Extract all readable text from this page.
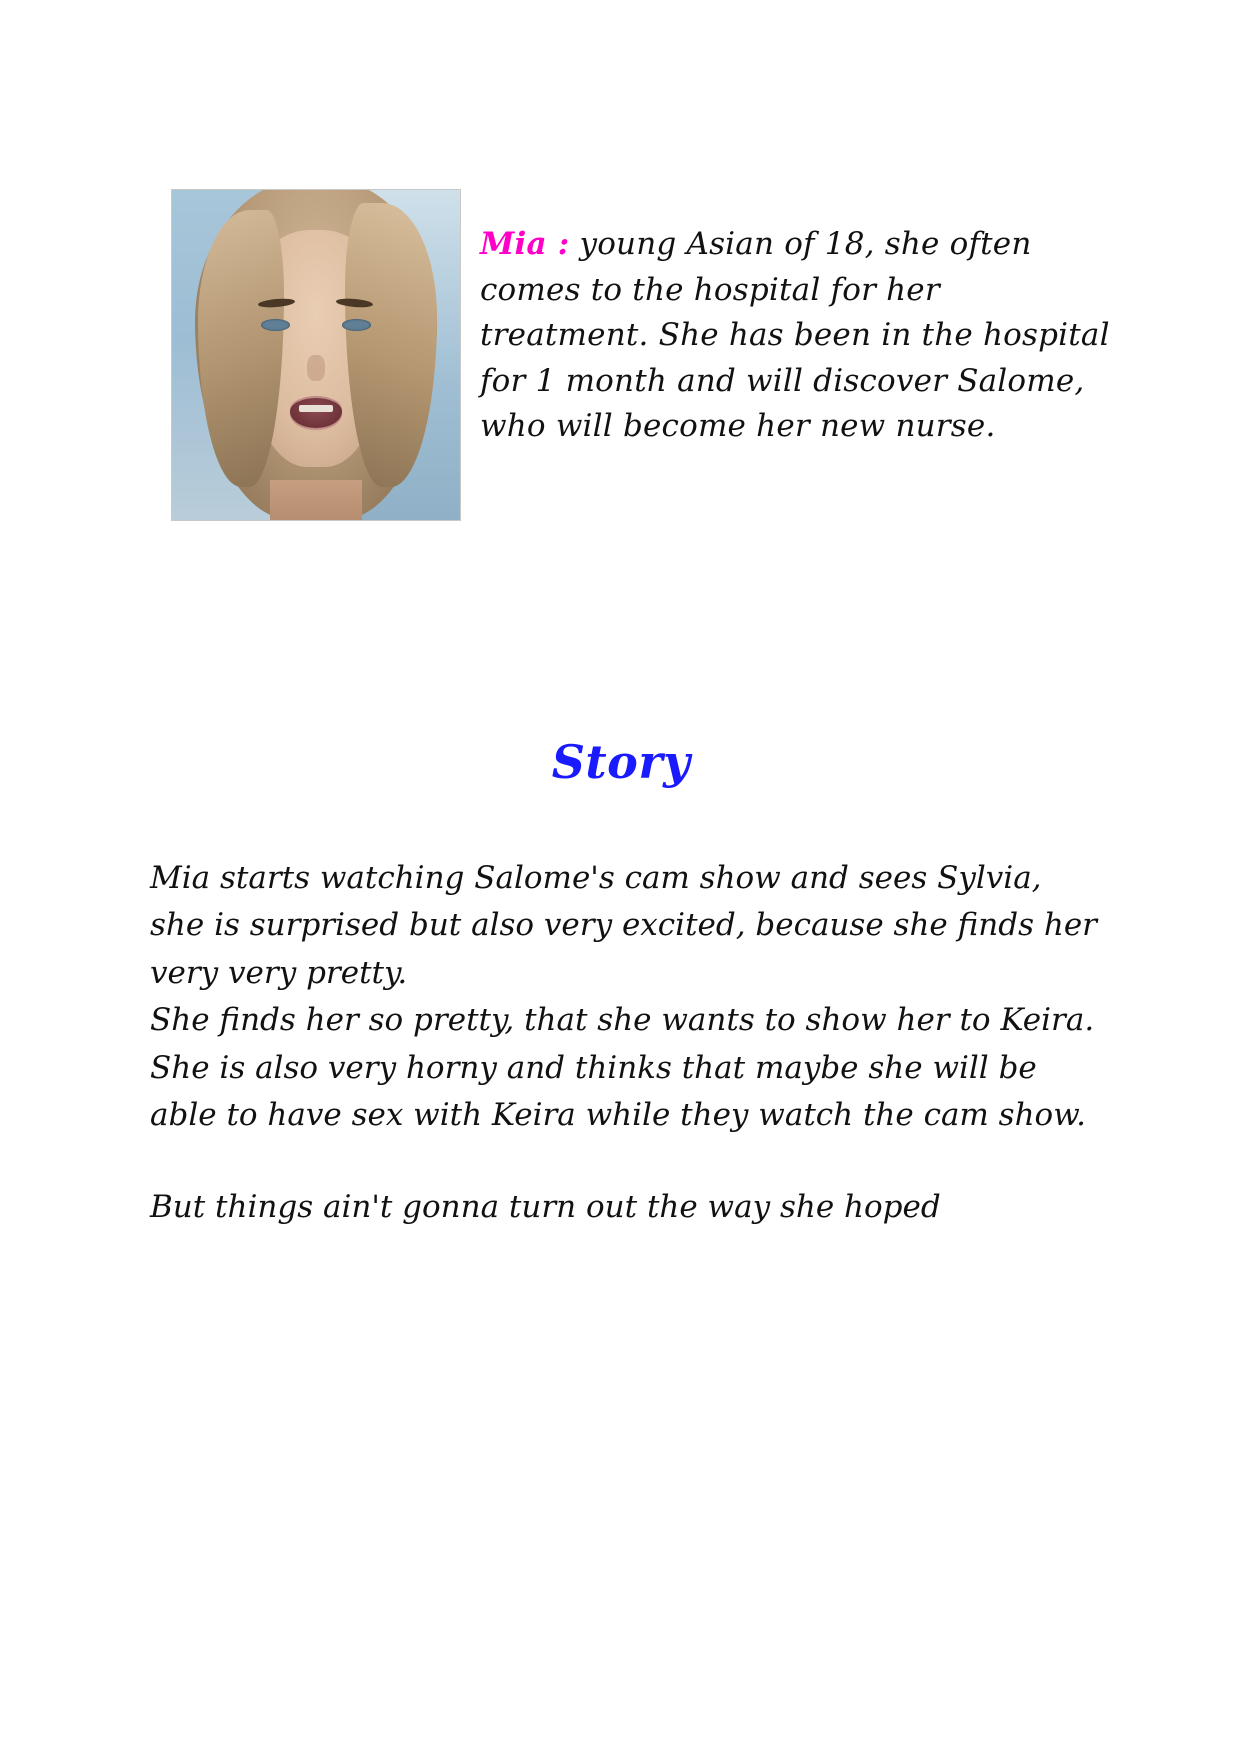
Mia : young Asian of 18, she often comes to the hospital for her treatment. She has been in the hospital for 1 month and will discover Salome, who will become her new nurse.
Story

Mia starts watching Salome's cam show and sees Sylvia, she is surprised but also very excited, because she finds her very very pretty.

She finds her so pretty, that she wants to show her to Keira.

She is also very horny and thinks that maybe she will be able to have sex with Keira while they watch the cam show.

But things ain't gonna turn out the way she hoped
